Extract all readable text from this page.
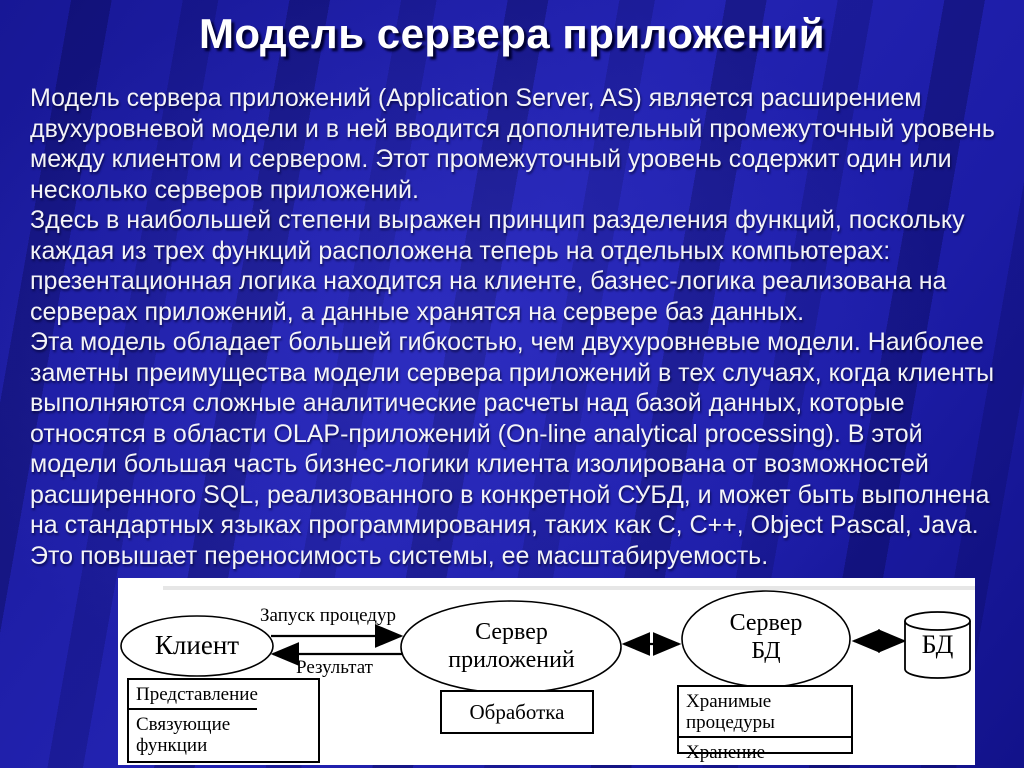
Модель сервера приложений
Модель сервера приложений (Application Server, AS) является расширением
двухуровневой модели и в ней вводится дополнительный промежуточный уровень
между клиентом и сервером. Этот промежуточный уровень содержит один или
несколько серверов приложений.
Здесь в наибольшей степени выражен принцип разделения функций, поскольку
каждая из трех функций расположена теперь на отдельных компьютерах:
презентационная логика находится на клиенте, базнес-логика реализована на
серверах приложений, а данные хранятся на сервере баз данных.
Эта модель обладает большей гибкостью, чем двухуровневые модели. Наиболее
заметны преимущества модели сервера приложений в тех случаях, когда клиенты
выполняются сложные аналитические расчеты над базой данных, которые
относятся в области OLAP-приложений (On-line analytical processing). В этой
модели большая часть бизнес-логики клиента изолирована от возможностей
расширенного SQL, реализованного в конкретной СУБД, и может быть выполнена
на стандартных языках программирования, таких как C, C++, Object Pascal, Java.
Это повышает переносимость системы, ее масштабируемость.
Клиент
Запуск процедур
Результат
Сервер
приложений
Сервер
БД	БД
Представление
Связующие функции
Обработка	Хранимые процедуры
Хранение
